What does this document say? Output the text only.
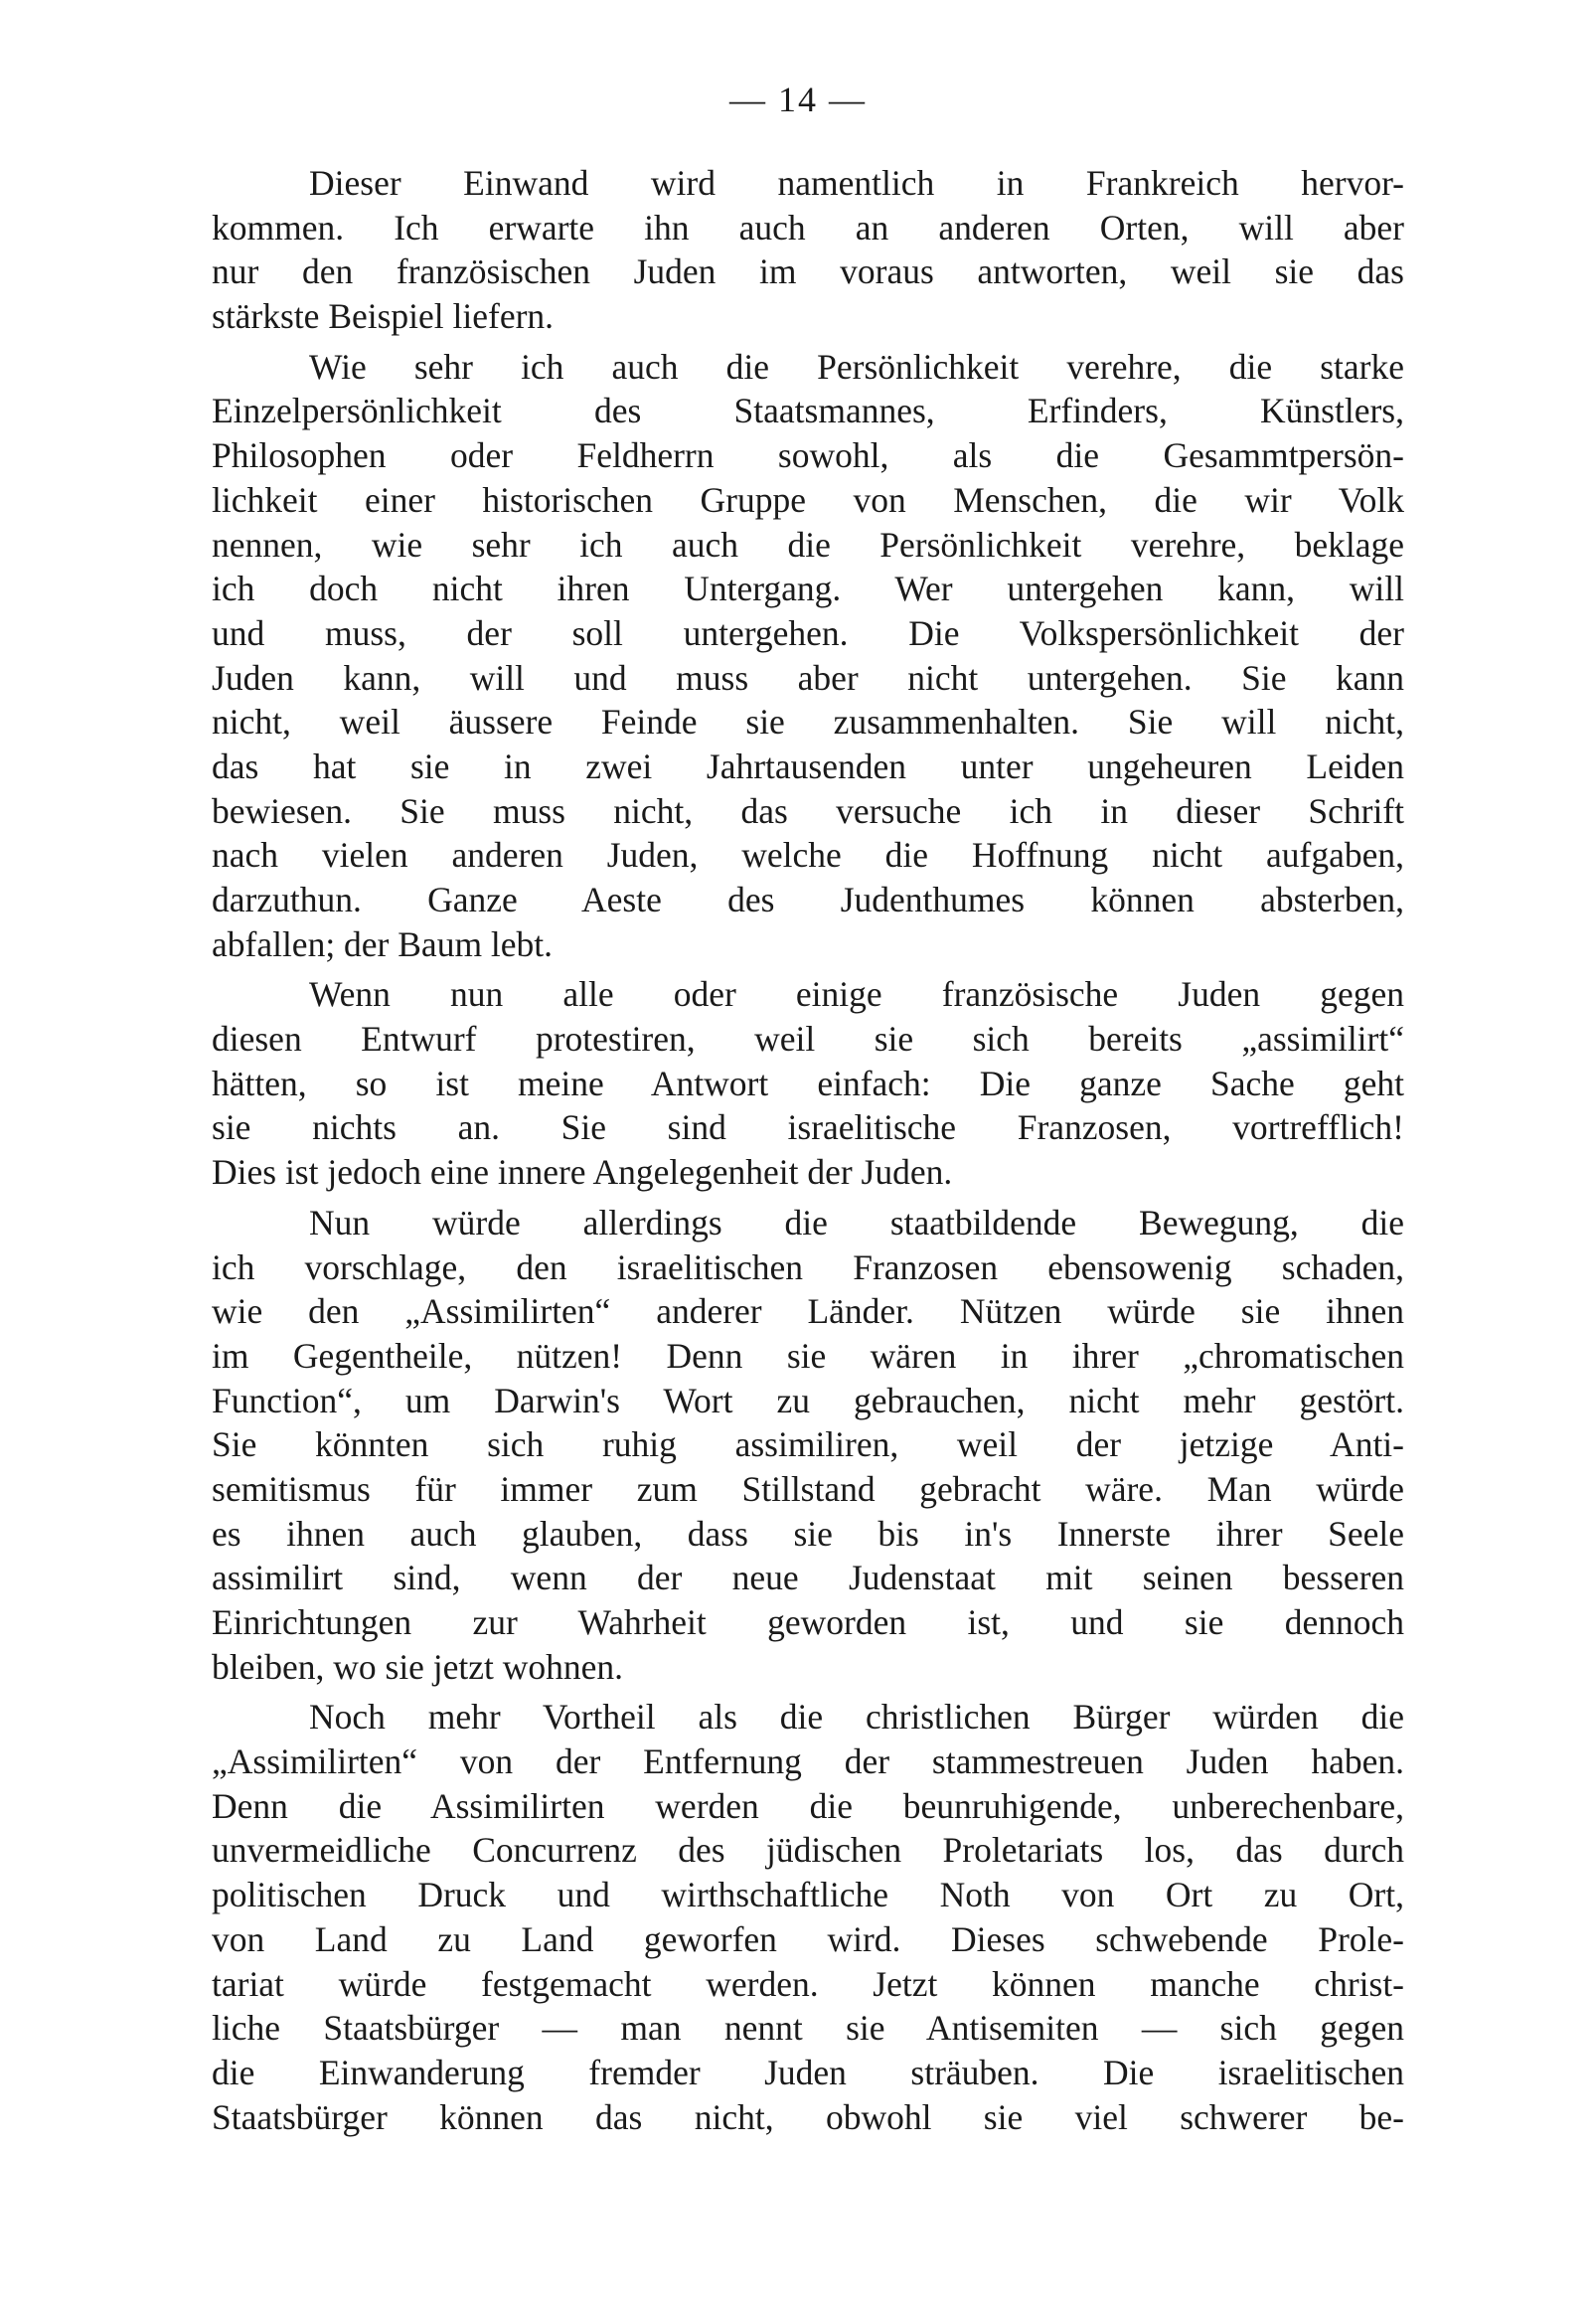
— 14 —
Dieser Einwand wird namentlich in Frankreich hervor-
kommen. Ich erwarte ihn auch an anderen Orten, will aber
nur den französischen Juden im voraus antworten, weil sie das
stärkste Beispiel liefern.
Wie sehr ich auch die Persönlichkeit verehre, die starke
Einzelpersönlichkeit des Staatsmannes, Erfinders, Künstlers,
Philosophen oder Feldherrn sowohl, als die Gesammtpersön-
lichkeit einer historischen Gruppe von Menschen, die wir Volk
nennen, wie sehr ich auch die Persönlichkeit verehre, beklage
ich doch nicht ihren Untergang. Wer untergehen kann, will
und muss, der soll untergehen. Die Volkspersönlichkeit der
Juden kann, will und muss aber nicht untergehen. Sie kann
nicht, weil äussere Feinde sie zusammenhalten. Sie will nicht,
das hat sie in zwei Jahrtausenden unter ungeheuren Leiden
bewiesen. Sie muss nicht, das versuche ich in dieser Schrift
nach vielen anderen Juden, welche die Hoffnung nicht aufgaben,
darzuthun. Ganze Aeste des Judenthumes können absterben,
abfallen; der Baum lebt.
Wenn nun alle oder einige französische Juden gegen
diesen Entwurf protestiren, weil sie sich bereits „assimilirt“
hätten, so ist meine Antwort einfach: Die ganze Sache geht
sie nichts an. Sie sind israelitische Franzosen, vortrefflich!
Dies ist jedoch eine innere Angelegenheit der Juden.
Nun würde allerdings die staatbildende Bewegung, die
ich vorschlage, den israelitischen Franzosen ebensowenig schaden,
wie den „Assimilirten“ anderer Länder. Nützen würde sie ihnen
im Gegentheile, nützen! Denn sie wären in ihrer „chromatischen
Function“, um Darwin's Wort zu gebrauchen, nicht mehr gestört.
Sie könnten sich ruhig assimiliren, weil der jetzige Anti-
semitismus für immer zum Stillstand gebracht wäre. Man würde
es ihnen auch glauben, dass sie bis in's Innerste ihrer Seele
assimilirt sind, wenn der neue Judenstaat mit seinen besseren
Einrichtungen zur Wahrheit geworden ist, und sie dennoch
bleiben, wo sie jetzt wohnen.
Noch mehr Vortheil als die christlichen Bürger würden die
„Assimilirten“ von der Entfernung der stammestreuen Juden haben.
Denn die Assimilirten werden die beunruhigende, unberechenbare,
unvermeidliche Concurrenz des jüdischen Proletariats los, das durch
politischen Druck und wirthschaftliche Noth von Ort zu Ort,
von Land zu Land geworfen wird. Dieses schwebende Prole-
tariat würde festgemacht werden. Jetzt können manche christ-
liche Staatsbürger — man nennt sie Antisemiten — sich gegen
die Einwanderung fremder Juden sträuben. Die israelitischen
Staatsbürger können das nicht, obwohl sie viel schwerer be-
